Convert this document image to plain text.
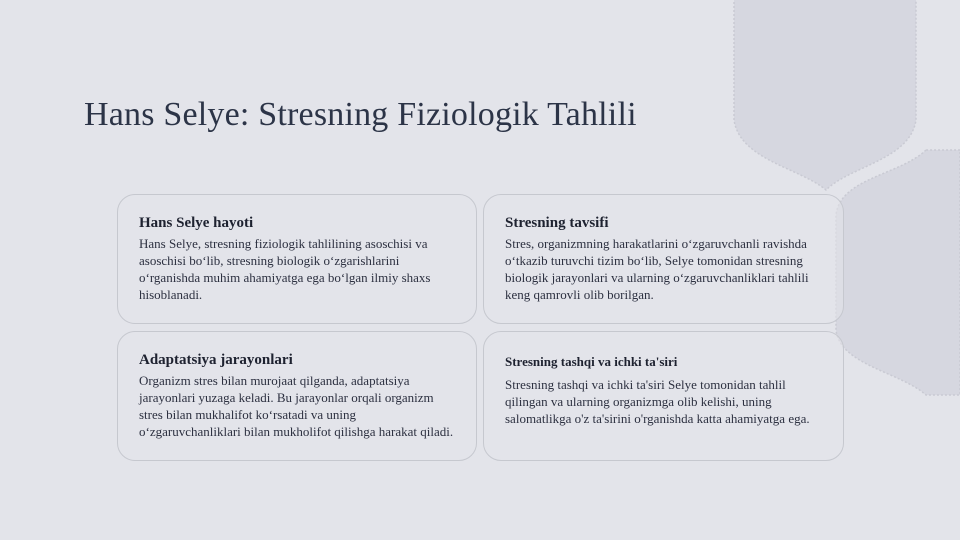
Hans Selye: Stresning Fiziologik Tahlili
Hans Selye hayoti

Hans Selye, stresning fiziologik tahlilining asoschisi va asoschisi bo‘lib, stresning biologik o‘zgarishlarini o‘rganishda muhim ahamiyatga ega bo‘lgan ilmiy shaxs hisoblanadi.

Stresning tavsifi

Stres, organizmning harakatlarini o‘zgaruvchanli ravishda o‘tkazib turuvchi tizim bo‘lib, Selye tomonidan stresning biologik jarayonlari va ularning o‘zgaruvchanliklari tahlili keng qamrovli olib borilgan.

Adaptatsiya jarayonlari

Organizm stres bilan murojaat qilganda, adaptatsiya jarayonlari yuzaga keladi. Bu jarayonlar orqali organizm stres bilan mukhalifot ko‘rsatadi va uning o‘zgaruvchanliklari bilan mukholifot qilishga harakat qiladi.

Stresning tashqi va ichki ta'siri

Stresning tashqi va ichki ta'siri Selye tomonidan tahlil qilingan va ularning organizmga olib kelishi, uning salomatlikga o'z ta'sirini o'rganishda katta ahamiyatga ega.
